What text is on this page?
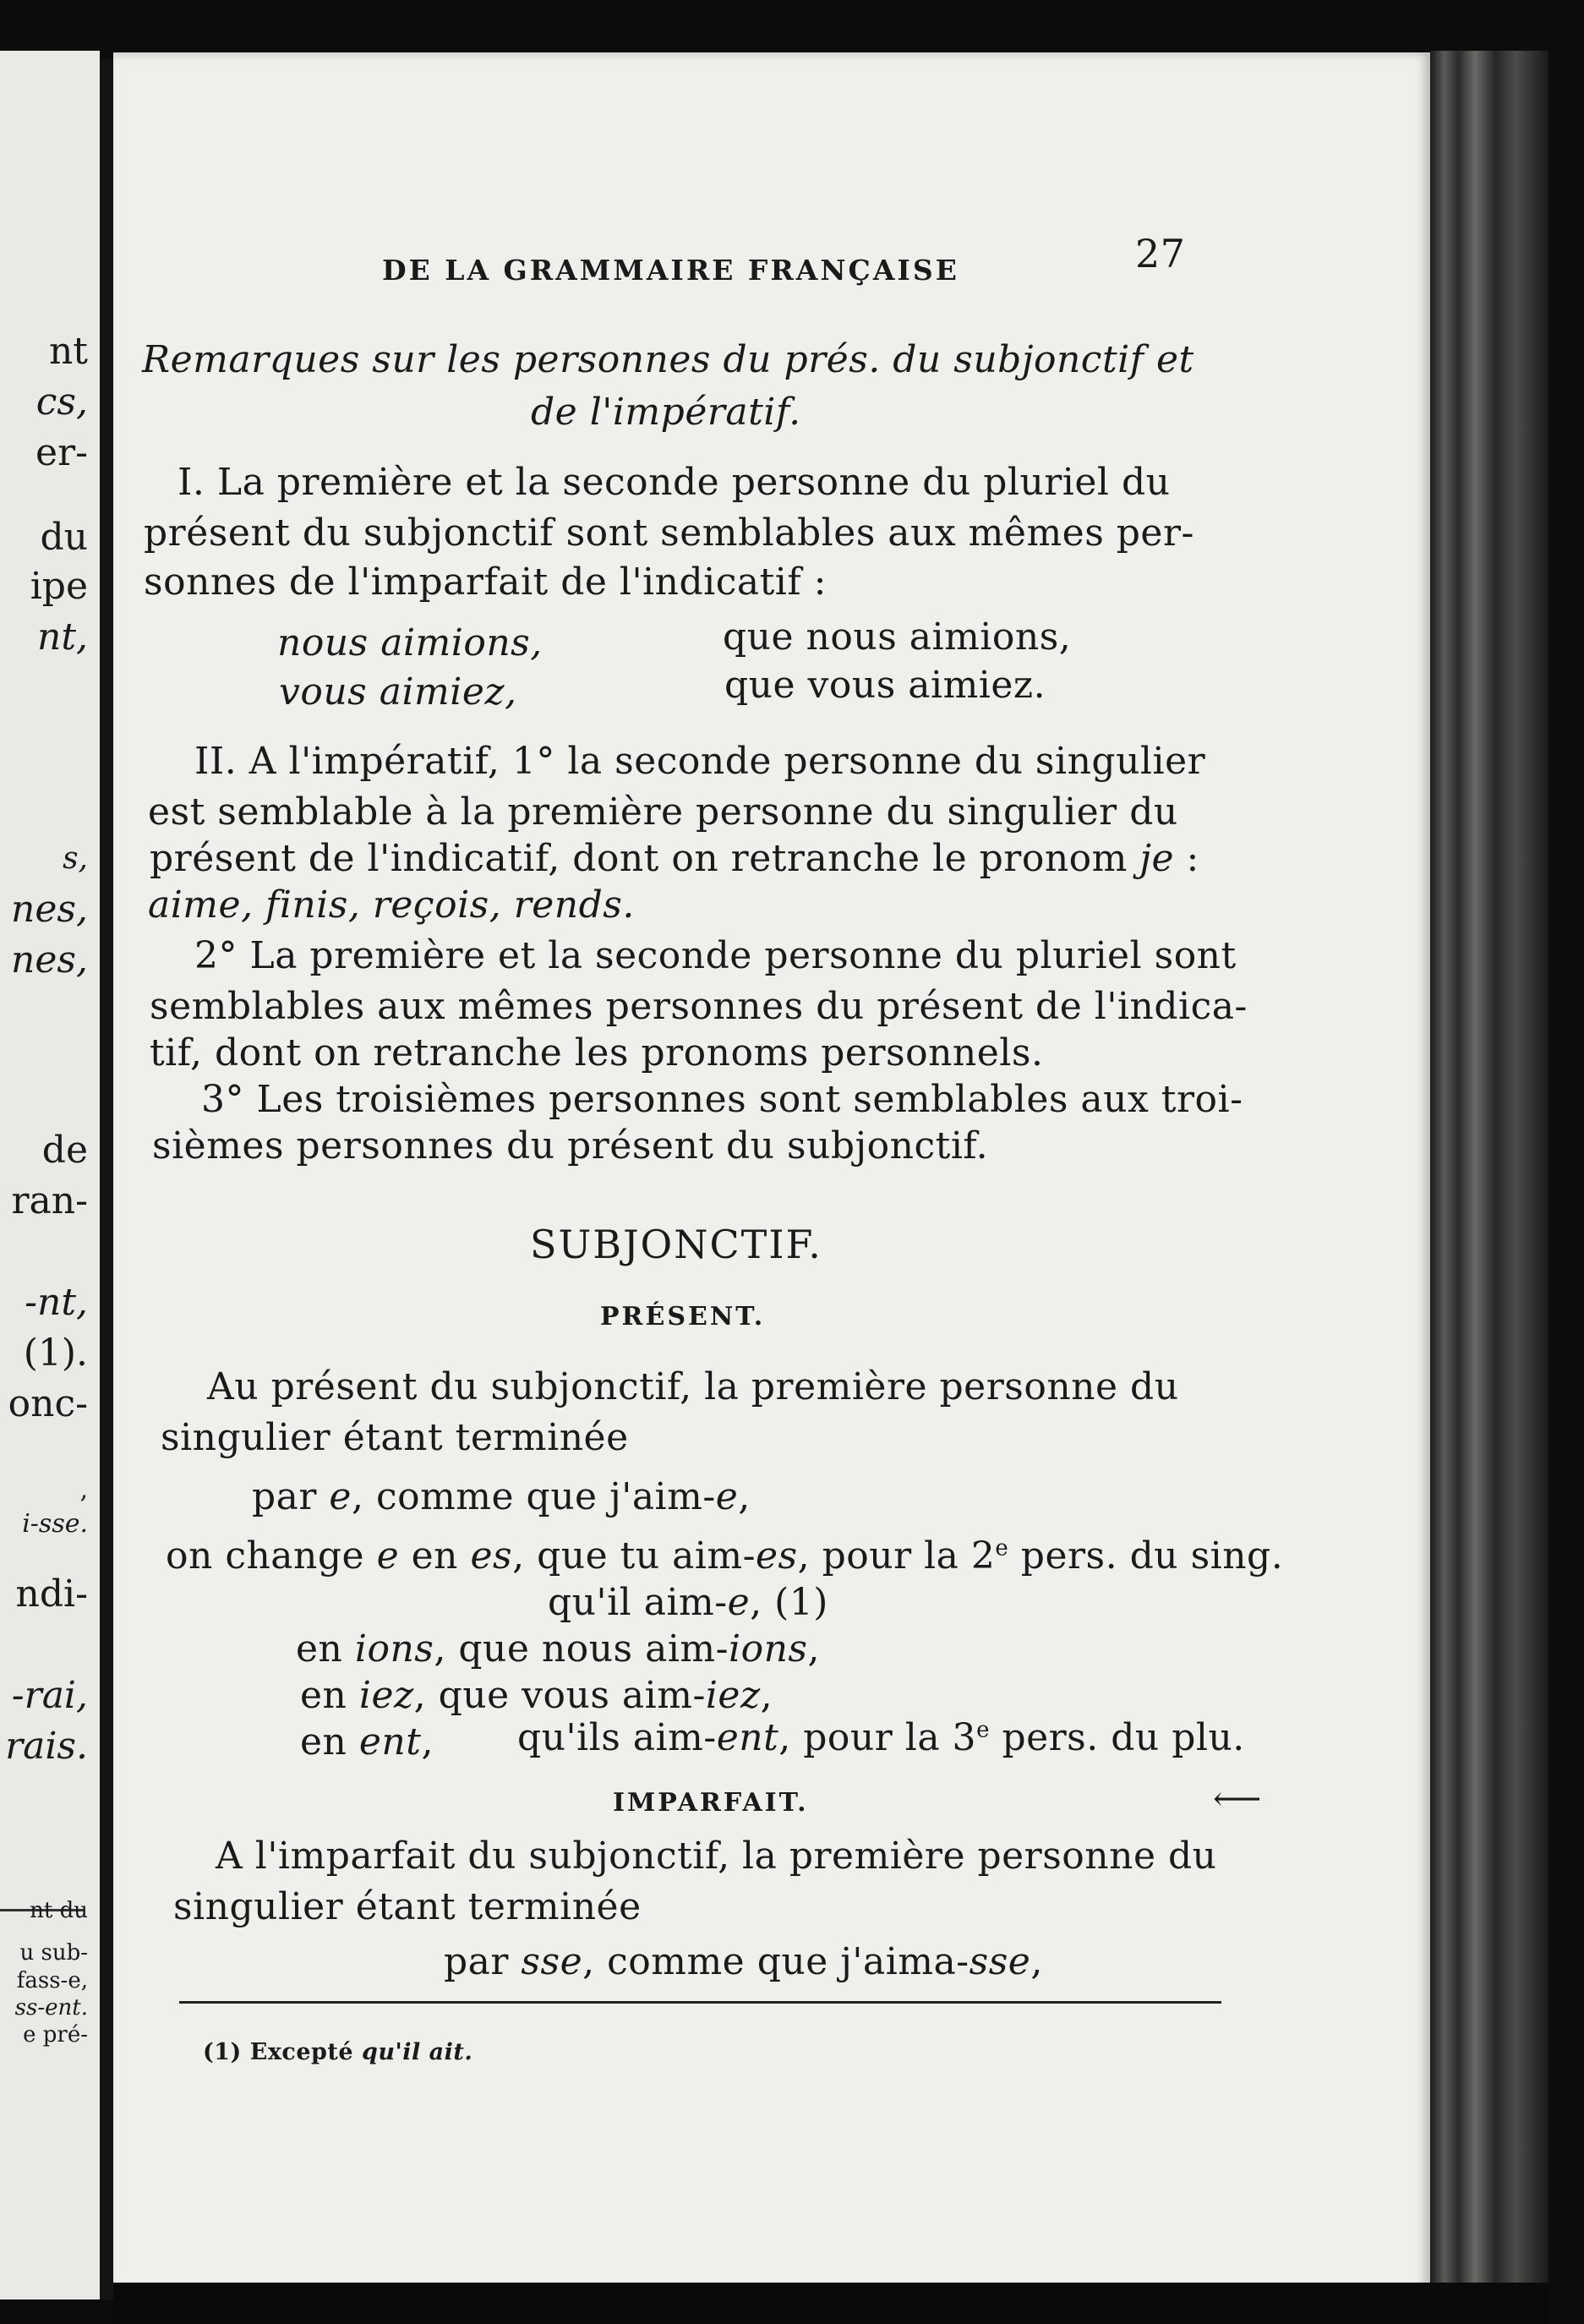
nt
cs,
er-
du
ipe
nt,
s,
nes,
nes,
de
ran-
-nt,
(1).
onc-
,
i-sse.
ndi-
-rai,
rais.
nt du
u sub-
fass-e,
ss-ent.
e pré-
DE LA GRAMMAIRE FRANÇAISE	27
Remarques sur les personnes du prés. du subjonctif et
de l'impératif.
I. La première et la seconde personne du pluriel du
présent du subjonctif sont semblables aux mêmes per-
sonnes de l'imparfait de l'indicatif :
nous aimions,	que nous aimions,
vous aimiez,	que vous aimiez.
II. A l'impératif, 1° la seconde personne du singulier
est semblable à la première personne du singulier du
présent de l'indicatif, dont on retranche le pronom je :
aime, finis, reçois, rends.
2° La première et la seconde personne du pluriel sont
semblables aux mêmes personnes du présent de l'indica-
tif, dont on retranche les pronoms personnels.
3° Les troisièmes personnes sont semblables aux troi-
sièmes personnes du présent du subjonctif.
SUBJONCTIF.
PRÉSENT.
Au présent du subjonctif, la première personne du
singulier étant terminée
par e, comme que j'aim-e,
on change e en es, que tu aim-es, pour la 2e pers. du sing.
qu'il aim-e, (1)
en ions, que nous aim-ions,
en iez, que vous aim-iez,
en ent, qu'ils aim-ent, pour la 3e pers. du plu.
IMPARFAIT.	⟵
A l'imparfait du subjonctif, la première personne du
singulier étant terminée
par sse, comme que j'aima-sse,
(1) Excepté qu'il ait.
